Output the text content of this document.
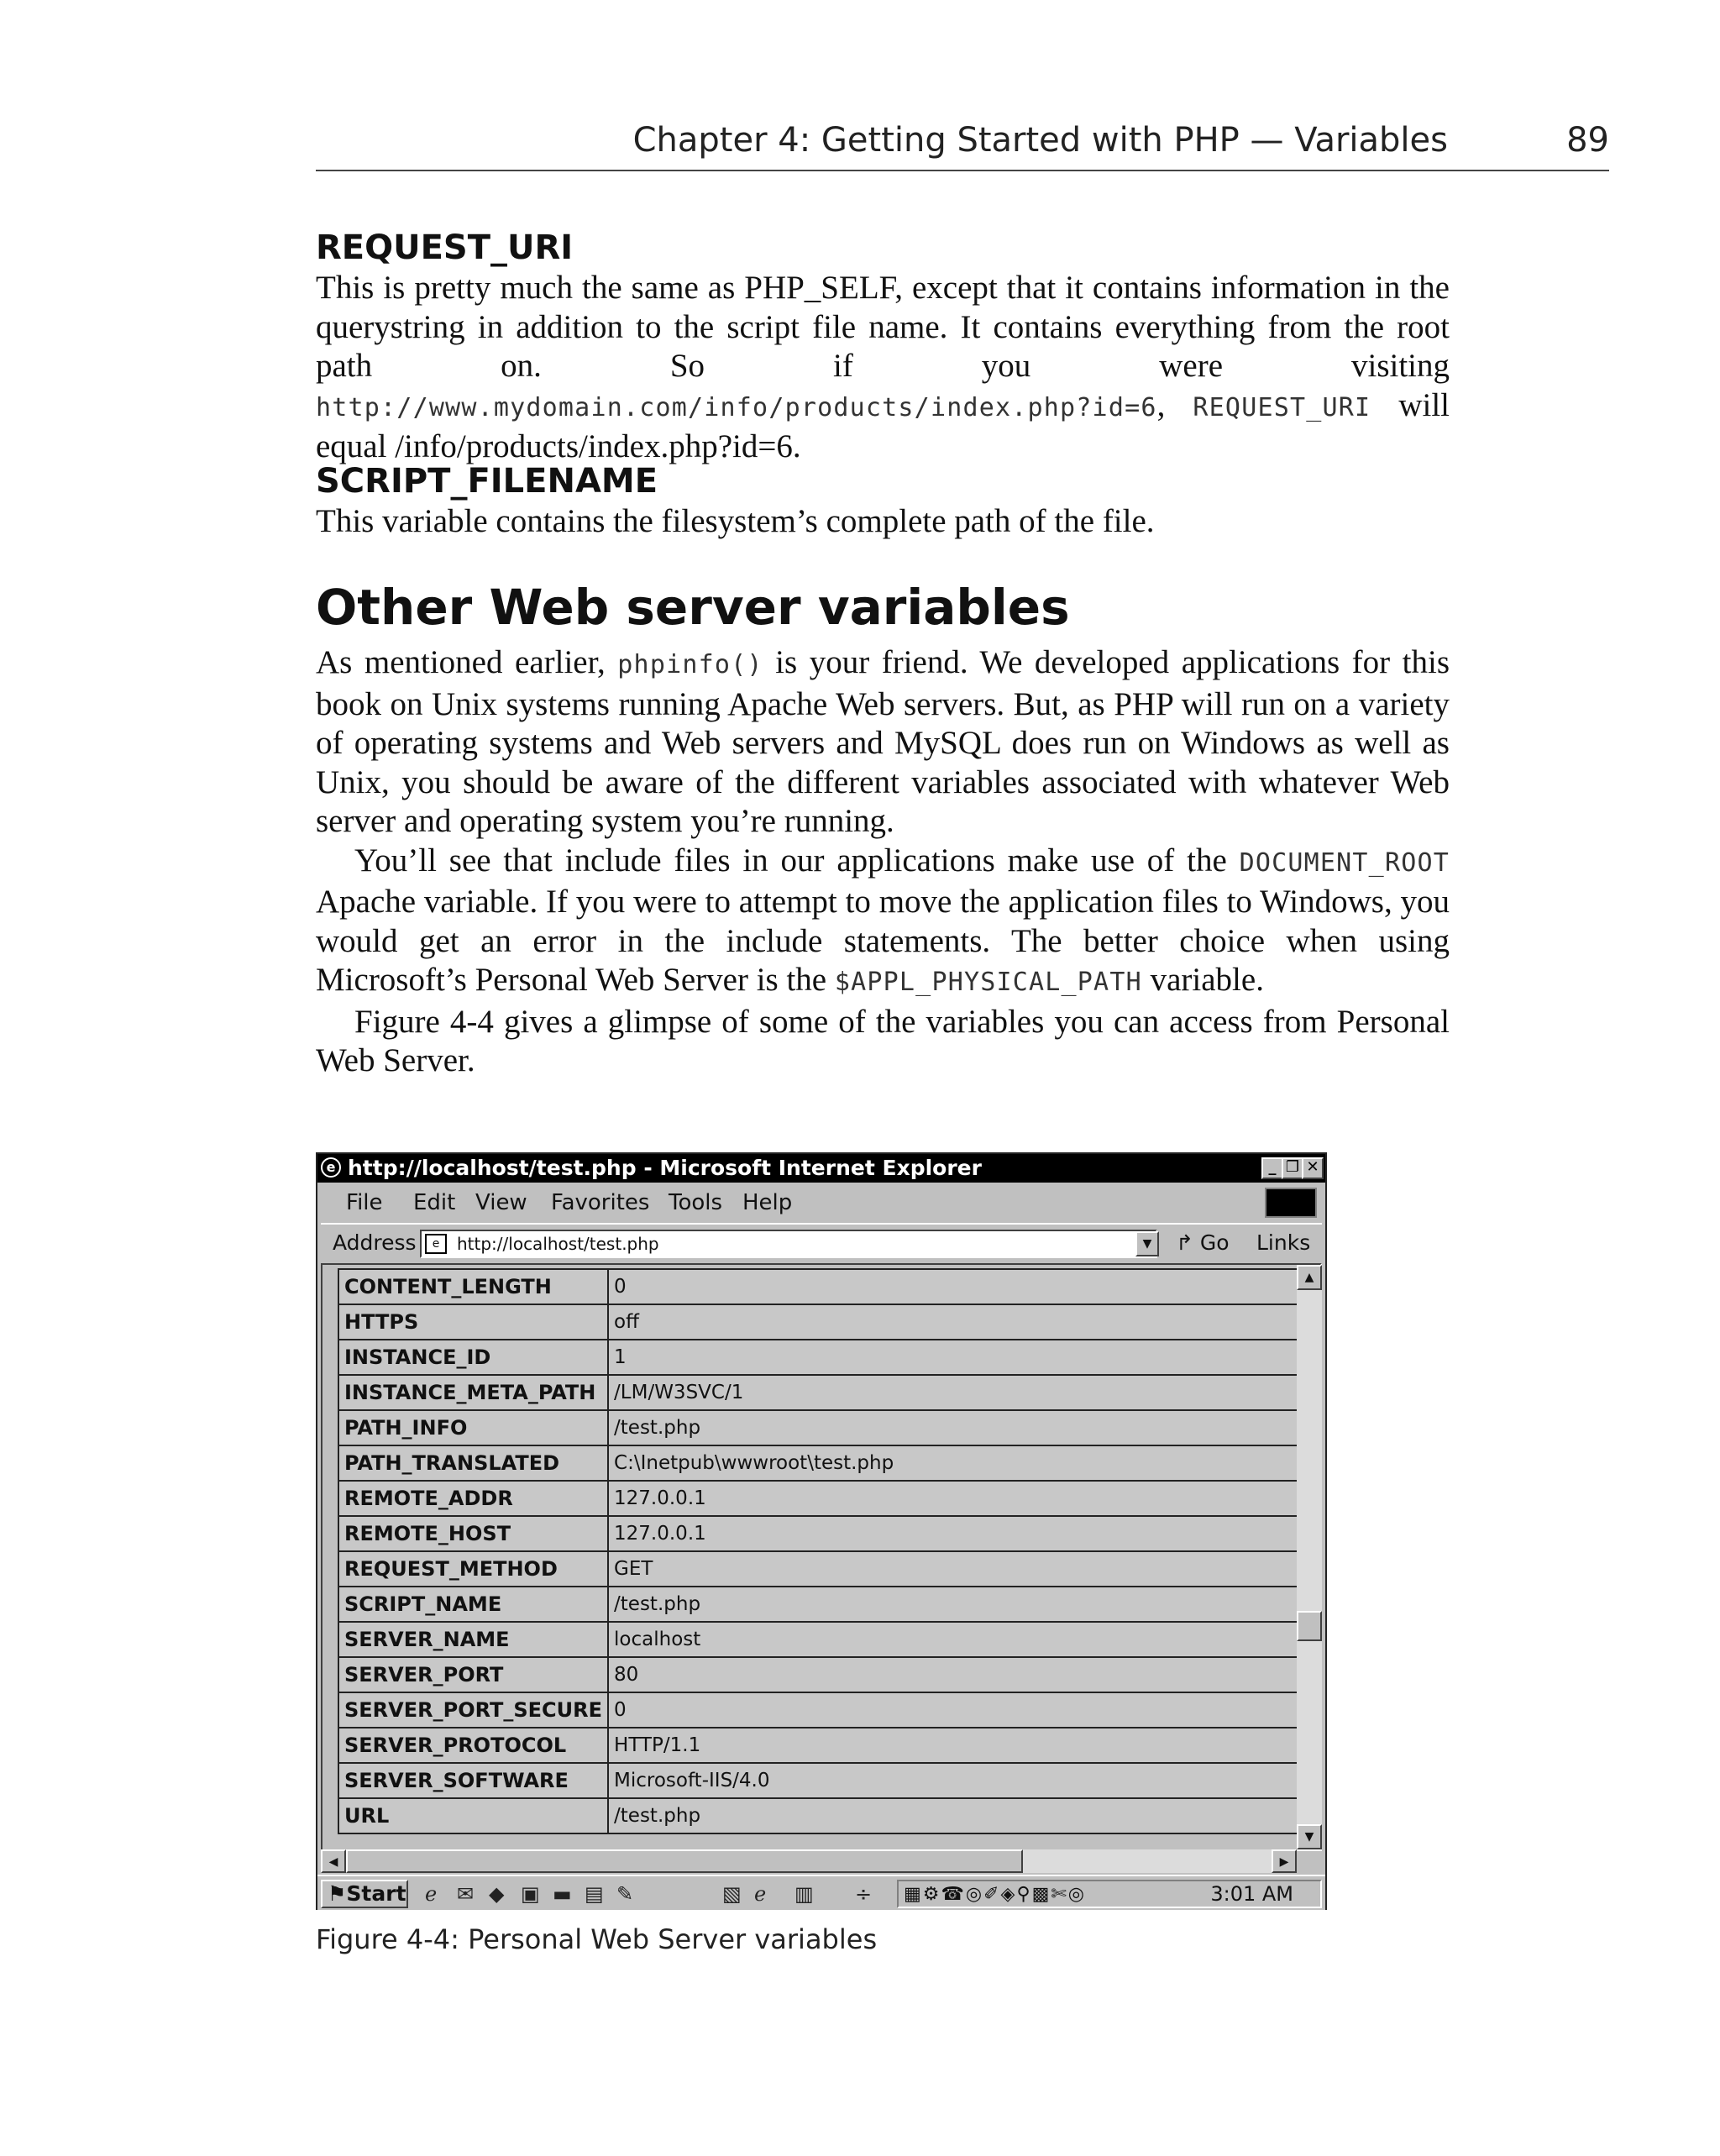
Chapter 4: Getting Started with PHP — Variables	89
REQUEST_URI

This is pretty much the same as PHP_SELF, except that it contains information in the querystring in addition to the script file name. It contains everything from the root path on. So if you were visiting http://www.mydomain.com/info/products/index.php?id=6, REQUEST_URI will equal /info/products/index.php?id=6.

SCRIPT_FILENAME

This variable contains the filesystem’s complete path of the file.

Other Web server variables

As mentioned earlier, phpinfo() is your friend. We developed applications for this book on Unix systems running Apache Web servers. But, as PHP will run on a variety of operating systems and Web servers and MySQL does run on Windows as well as Unix, you should be aware of the different variables associated with whatever Web server and operating system you’re running.

You’ll see that include files in our applications make use of the DOCUMENT_ROOT Apache variable. If you were to attempt to move the application files to Windows, you would get an error in the include statements. The better choice when using Microsoft’s Personal Web Server is the $APPL_PHYSICAL_PATH variable.

Figure 4-4 gives a glimpse of some of the variables you can access from Personal Web Server.

e http://localhost/test.php - Microsoft Internet Explorer	_ ❐ ✕
File Edit View Favorites Tools Help
Address	e	http://localhost/test.php	▼	↱ Go Links
CONTENT_LENGTH	0
HTTPS	off
INSTANCE_ID	1
INSTANCE_META_PATH	/LM/W3SVC/1
PATH_INFO	/test.php
PATH_TRANSLATED	C:\Inetpub\wwwroot\test.php
REMOTE_ADDR	127.0.0.1
REMOTE_HOST	127.0.0.1
REQUEST_METHOD	GET
SCRIPT_NAME	/test.php
SERVER_NAME	localhost
SERVER_PORT	80
SERVER_PORT_SECURE	0
SERVER_PROTOCOL	HTTP/1.1
SERVER_SOFTWARE	Microsoft-IIS/4.0
URL	/test.php
▲
▼
◀	▶
⚑Start ℯ ✉ ◆ ▣ ▬ ▤ ✎	▧ ℯ ▥ ÷ ▦⚙☎◎✐◈⚲▩✄◎	3:01 AM
Figure 4-4: Personal Web Server variables
